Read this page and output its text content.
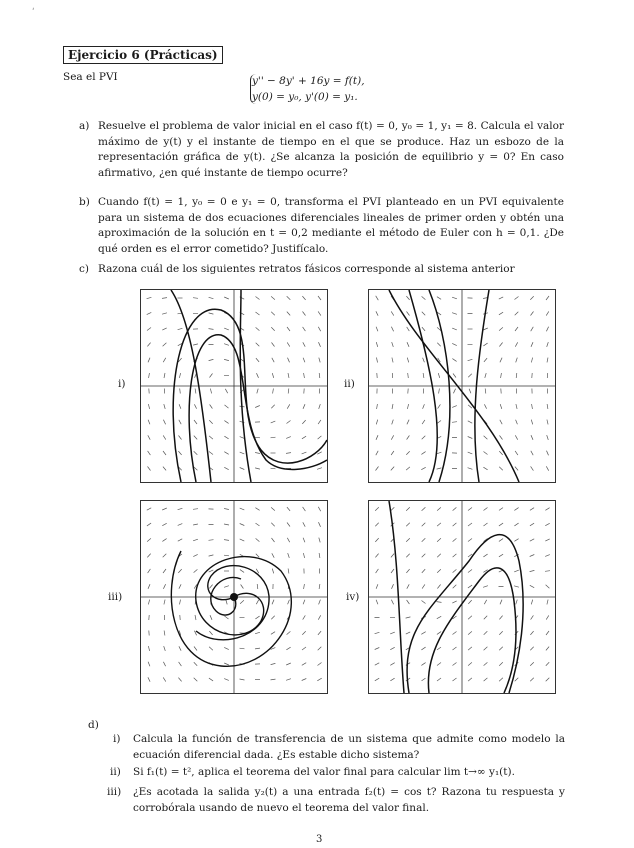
ʹ
Ejercicio 6 (Prácticas)
Sea el PVI	y'' − 8y' + 16y = f(t),
y(0) = y₀, y'(0) = y₁.
a) Resuelve el problema de valor inicial en el caso f(t) = 0, y₀ = 1, y₁ = 8. Calcula el valor máximo de y(t) y el instante de tiempo en el que se produce. Haz un esbozo de la representación gráfica de y(t). ¿Se alcanza la posición de equilibrio y = 0? En caso afirmativo, ¿en qué instante de tiempo ocurre?
b) Cuando f(t) = 1, y₀ = 0 e y₁ = 0, transforma el PVI planteado en un PVI equivalente para un sistema de dos ecuaciones diferenciales lineales de primer orden y obtén una aproximación de la solución en t = 0,2 mediante el método de Euler con h = 0,1. ¿De qué orden es el error cometido? Justifícalo.
c) Razona cuál de los siguientes retratos fásicos corresponde al sistema anterior
i)	ii)
iii)	iv)
d)
i) Calcula la función de transferencia de un sistema que admite como modelo la ecuación diferencial dada. ¿Es estable dicho sistema?
ii) Si f₁(t) = t², aplica el teorema del valor final para calcular lim t→∞ y₁(t).
iii) ¿Es acotada la salida y₂(t) a una entrada f₂(t) = cos t? Razona tu respuesta y corrobórala usando de nuevo el teorema del valor final.
3
